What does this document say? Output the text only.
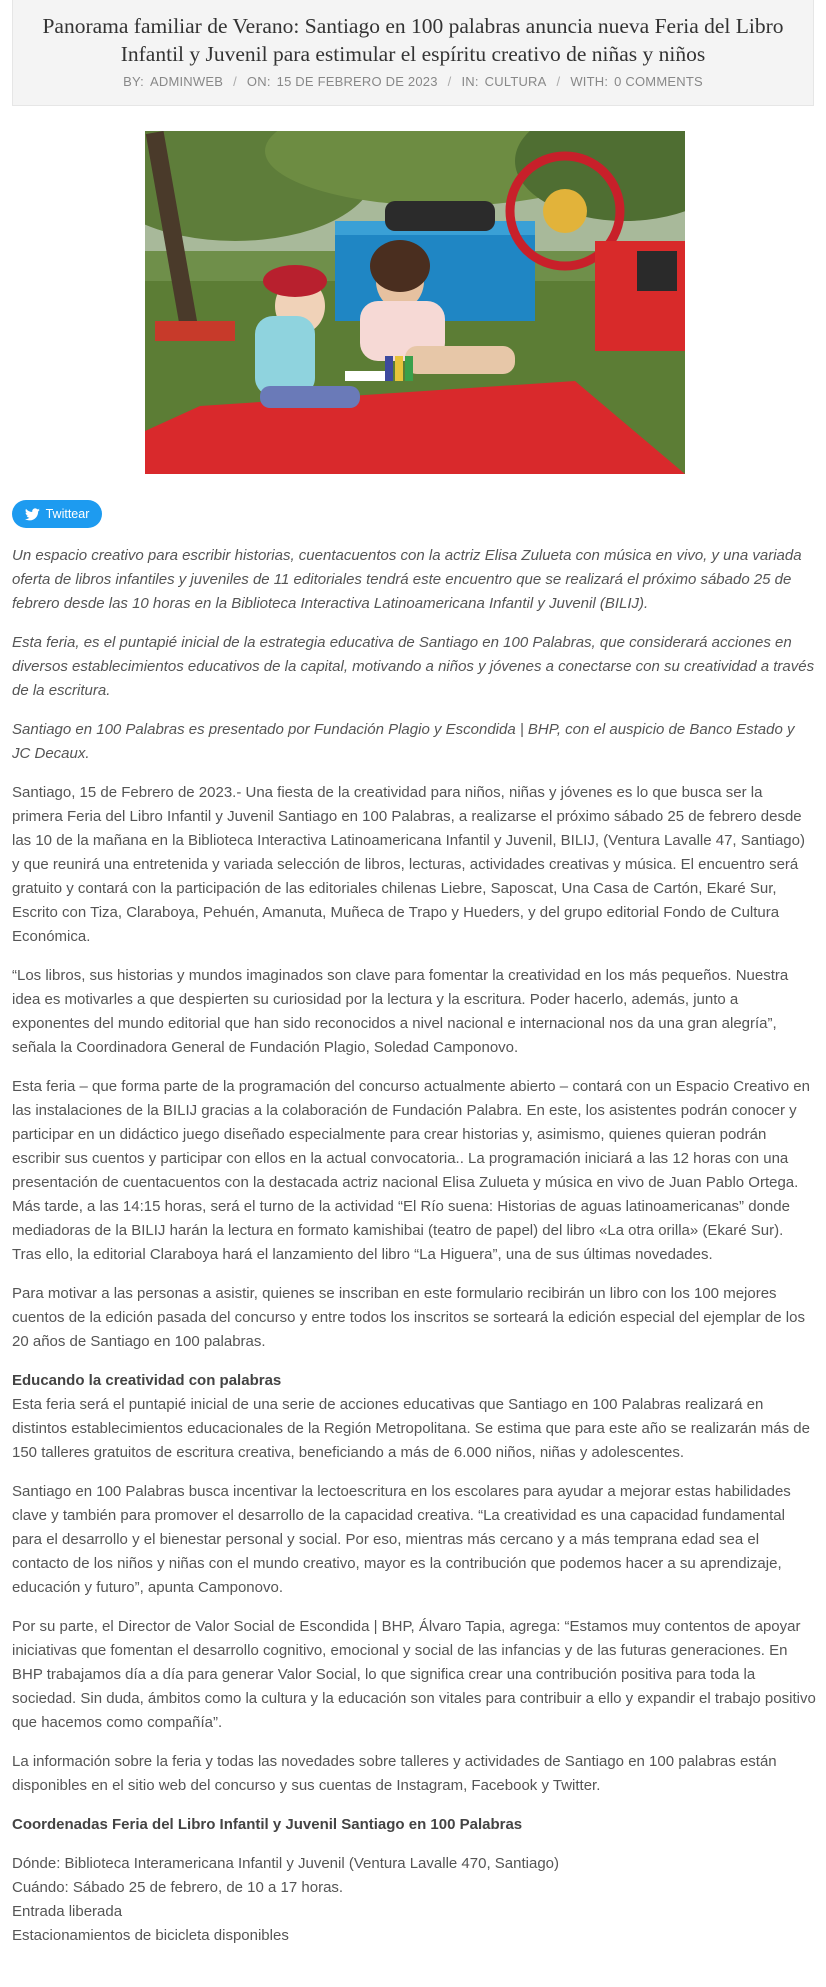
Panorama familiar de Verano: Santiago en 100 palabras anuncia nueva Feria del Libro Infantil y Juvenil para estimular el espíritu creativo de niñas y niños
BY: ADMINWEB / ON: 15 DE FEBRERO DE 2023 / IN: CULTURA / WITH: 0 COMMENTS
Twittear

Un espacio creativo para escribir historias, cuentacuentos con la actriz Elisa Zulueta con música en vivo, y una variada oferta de libros infantiles y juveniles de 11 editoriales tendrá este encuentro que se realizará el próximo sábado 25 de febrero desde las 10 horas en la Biblioteca Interactiva Latinoamericana Infantil y Juvenil (BILIJ).

Esta feria, es el puntapié inicial de la estrategia educativa de Santiago en 100 Palabras, que considerará acciones en diversos establecimientos educativos de la capital, motivando a niños y jóvenes a conectarse con su creatividad a través de la escritura.

Santiago en 100 Palabras es presentado por Fundación Plagio y Escondida | BHP, con el auspicio de Banco Estado y JC Decaux.

Santiago, 15 de Febrero de 2023.- Una fiesta de la creatividad para niños, niñas y jóvenes es lo que busca ser la primera Feria del Libro Infantil y Juvenil Santiago en 100 Palabras, a realizarse el próximo sábado 25 de febrero desde las 10 de la mañana en la Biblioteca Interactiva Latinoamericana Infantil y Juvenil, BILIJ, (Ventura Lavalle 47, Santiago) y que reunirá una entretenida y variada selección de libros, lecturas, actividades creativas y música. El encuentro será gratuito y contará con la participación de las editoriales chilenas Liebre, Saposcat, Una Casa de Cartón, Ekaré Sur, Escrito con Tiza, Claraboya, Pehuén, Amanuta, Muñeca de Trapo y Hueders, y del grupo editorial Fondo de Cultura Económica.

“Los libros, sus historias y mundos imaginados son clave para fomentar la creatividad en los más pequeños. Nuestra idea es motivarles a que despierten su curiosidad por la lectura y la escritura. Poder hacerlo, además, junto a exponentes del mundo editorial que han sido reconocidos a nivel nacional e internacional nos da una gran alegría”, señala la Coordinadora General de Fundación Plagio, Soledad Camponovo.

Esta feria – que forma parte de la programación del concurso actualmente abierto – contará con un Espacio Creativo en las instalaciones de la BILIJ gracias a la colaboración de Fundación Palabra. En este, los asistentes podrán conocer y participar en un didáctico juego diseñado especialmente para crear historias y, asimismo, quienes quieran podrán escribir sus cuentos y participar con ellos en la actual convocatoria.. La programación iniciará a las 12 horas con una presentación de cuentacuentos con la destacada actriz nacional Elisa Zulueta y música en vivo de Juan Pablo Ortega. Más tarde, a las 14:15 horas, será el turno de la actividad “El Río suena: Historias de aguas latinoamericanas” donde mediadoras de la BILIJ harán la lectura en formato kamishibai (teatro de papel) del libro «La otra orilla» (Ekaré Sur). Tras ello, la editorial Claraboya hará el lanzamiento del libro “La Higuera”, una de sus últimas novedades.

Para motivar a las personas a asistir, quienes se inscriban en este formulario recibirán un libro con los 100 mejores cuentos de la edición pasada del concurso y entre todos los inscritos se sorteará la edición especial del ejemplar de los 20 años de Santiago en 100 palabras.

Educando la creatividad con palabras
Esta feria será el puntapié inicial de una serie de acciones educativas que Santiago en 100 Palabras realizará en distintos establecimientos educacionales de la Región Metropolitana. Se estima que para este año se realizarán más de 150 talleres gratuitos de escritura creativa, beneficiando a más de 6.000 niños, niñas y adolescentes.

Santiago en 100 Palabras busca incentivar la lectoescritura en los escolares para ayudar a mejorar estas habilidades clave y también para promover el desarrollo de la capacidad creativa. “La creatividad es una capacidad fundamental para el desarrollo y el bienestar personal y social. Por eso, mientras más cercano y a más temprana edad sea el contacto de los niños y niñas con el mundo creativo, mayor es la contribución que podemos hacer a su aprendizaje, educación y futuro”, apunta Camponovo.

Por su parte, el Director de Valor Social de Escondida | BHP, Álvaro Tapia, agrega: “Estamos muy contentos de apoyar iniciativas que fomentan el desarrollo cognitivo, emocional y social de las infancias y de las futuras generaciones. En BHP trabajamos día a día para generar Valor Social, lo que significa crear una contribución positiva para toda la sociedad. Sin duda, ámbitos como la cultura y la educación son vitales para contribuir a ello y expandir el trabajo positivo que hacemos como compañía”.

La información sobre la feria y todas las novedades sobre talleres y actividades de Santiago en 100 palabras están disponibles en el sitio web del concurso y sus cuentas de Instagram, Facebook y Twitter.

Coordenadas Feria del Libro Infantil y Juvenil Santiago en 100 Palabras

Dónde: Biblioteca Interamericana Infantil y Juvenil (Ventura Lavalle 470, Santiago)
Cuándo: Sábado 25 de febrero, de 10 a 17 horas.
Entrada liberada
Estacionamientos de bicicleta disponibles
